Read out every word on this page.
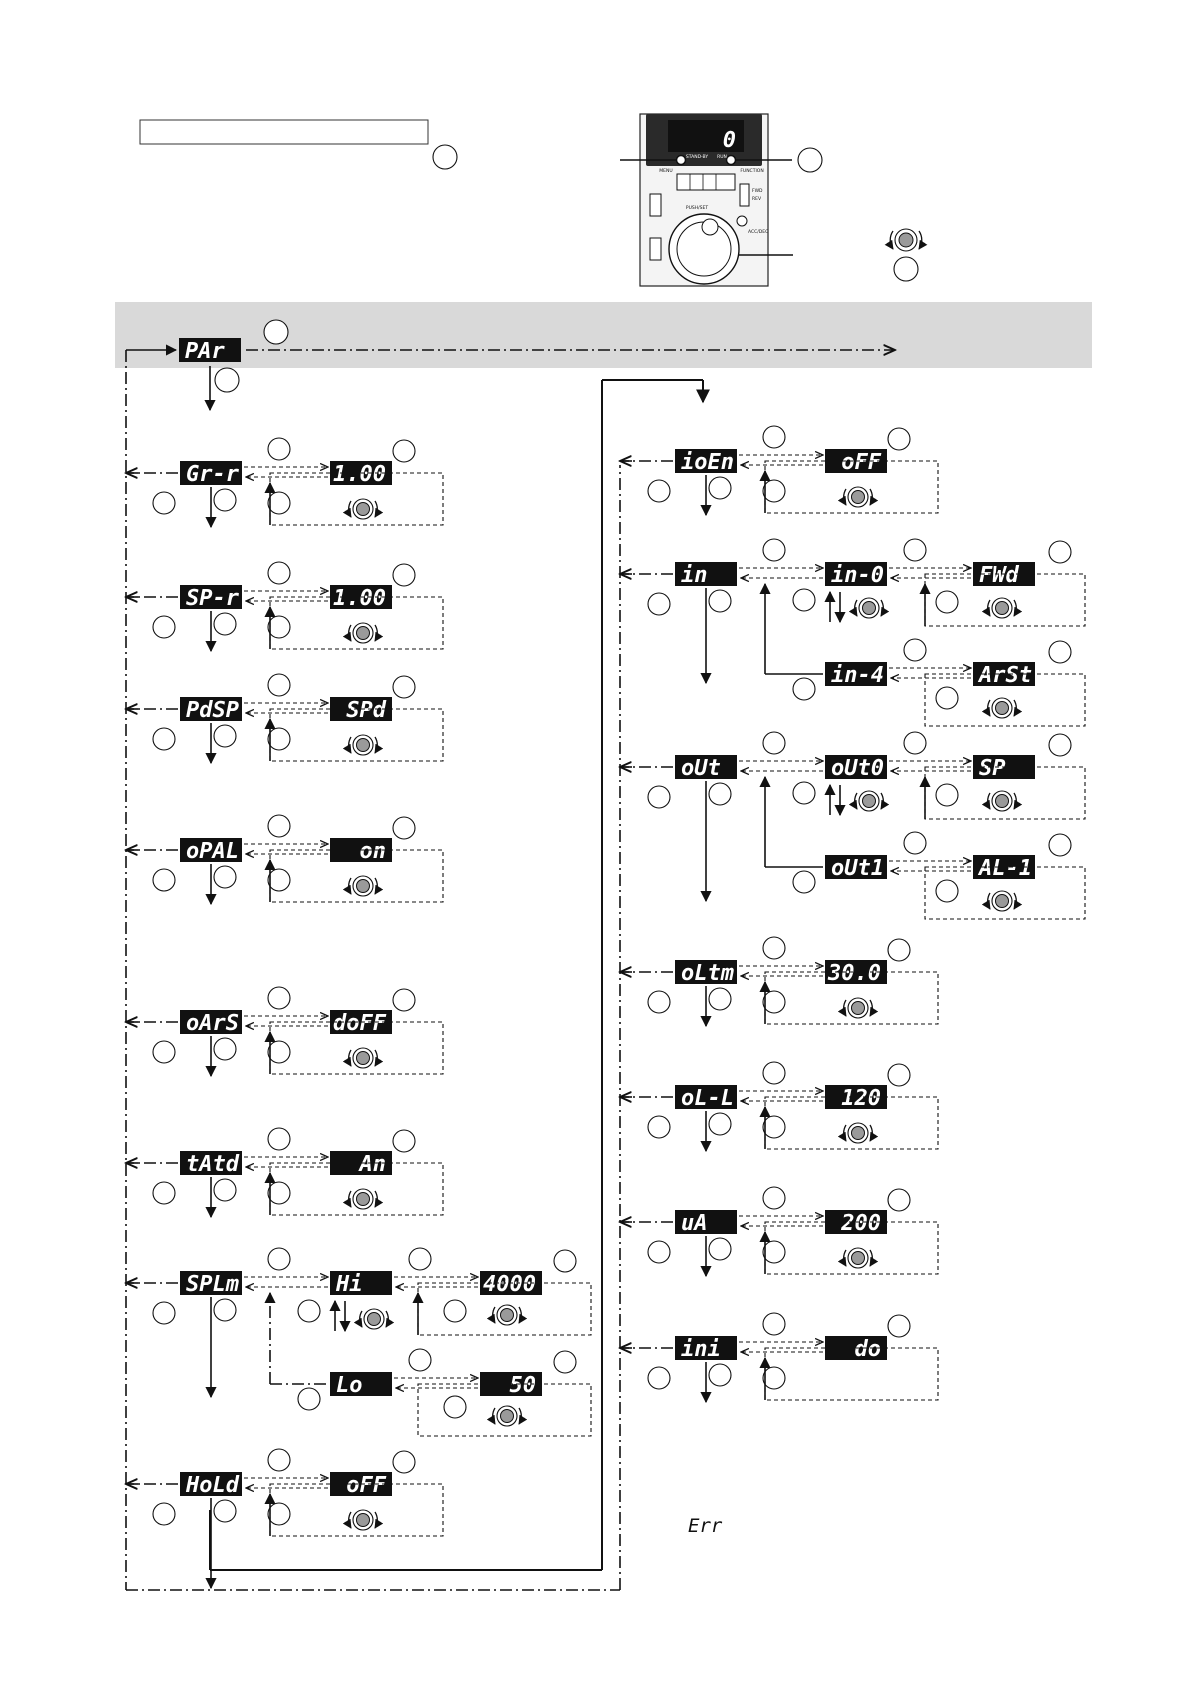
0
MENU
STAND-BY RUN
FUNCTION
FWD
REV
ACC/DEC
PUSH/SET
PAr
Gr-r	1.00
SP-r	1.00
PdSP	SPd
oPAL	on
oArS	doFF
tAtd	An
HoLd	oFF
SPLm	Hi	4000
Lo	50
ioEn	oFF
oLtm	30.0
oL-L	120
uA	200
ini	do
in	in-0	FWd
in-4	ArSt
oUt	oUt0	SP
oUt1	AL-1
Err
